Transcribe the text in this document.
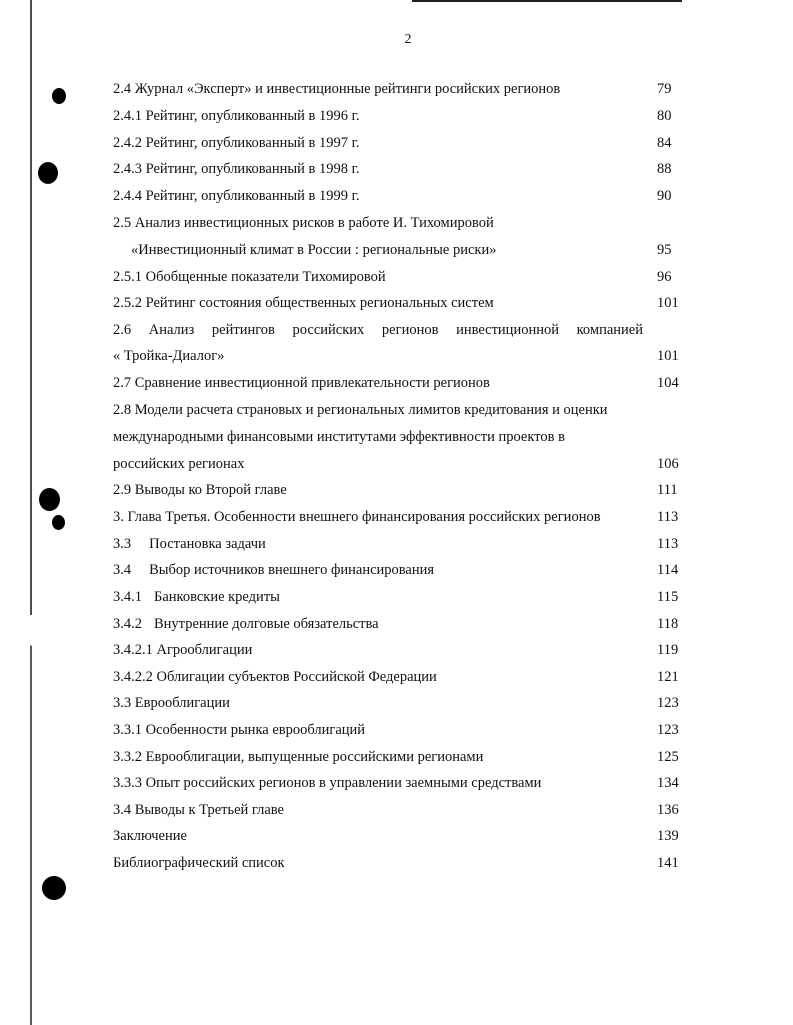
2
2.4 Журнал «Эксперт» и инвестиционные рейтинги росийских регионов	79
2.4.1 Рейтинг, опубликованный в 1996 г.	80
2.4.2 Рейтинг, опубликованный в 1997 г.	84
2.4.3 Рейтинг, опубликованный в 1998 г.	88
2.4.4 Рейтинг, опубликованный в 1999 г.	90
2.5 Анализ инвестиционных рисков в работе И. Тихомировой
«Инвестиционный климат в России : региональные риски»	95
2.5.1 Обобщенные показатели Тихомировой	96
2.5.2 Рейтинг состояния общественных региональных систем	101
2.6 Анализ рейтингов российских регионов инвестиционной компанией
« Тройка-Диалог»	101
2.7 Сравнение инвестиционной привлекательности регионов	104
2.8 Модели расчета страновых и региональных лимитов кредитования и оценки
международными финансовыми институтами эффективности проектов в
российских регионах	106
2.9 Выводы ко Второй главе	111
3. Глава Третья. Особенности внешнего финансирования российских регионов	113
3.3 Постановка задачи	113
3.4 Выбор источников внешнего финансирования	114
3.4.1 Банковские кредиты	115
3.4.2 Внутренние долговые обязательства	118
3.4.2.1 Агрооблигации	119
3.4.2.2 Облигации субъектов Российской Федерации	121
3.3 Еврооблигации	123
3.3.1 Особенности рынка еврооблигаций	123
3.3.2 Еврооблигации, выпущенные российскими регионами	125
3.3.3 Опыт российских регионов в управлении заемными средствами	134
3.4 Выводы к Третьей главе	136
Заключение	139
Библиографический список	141
